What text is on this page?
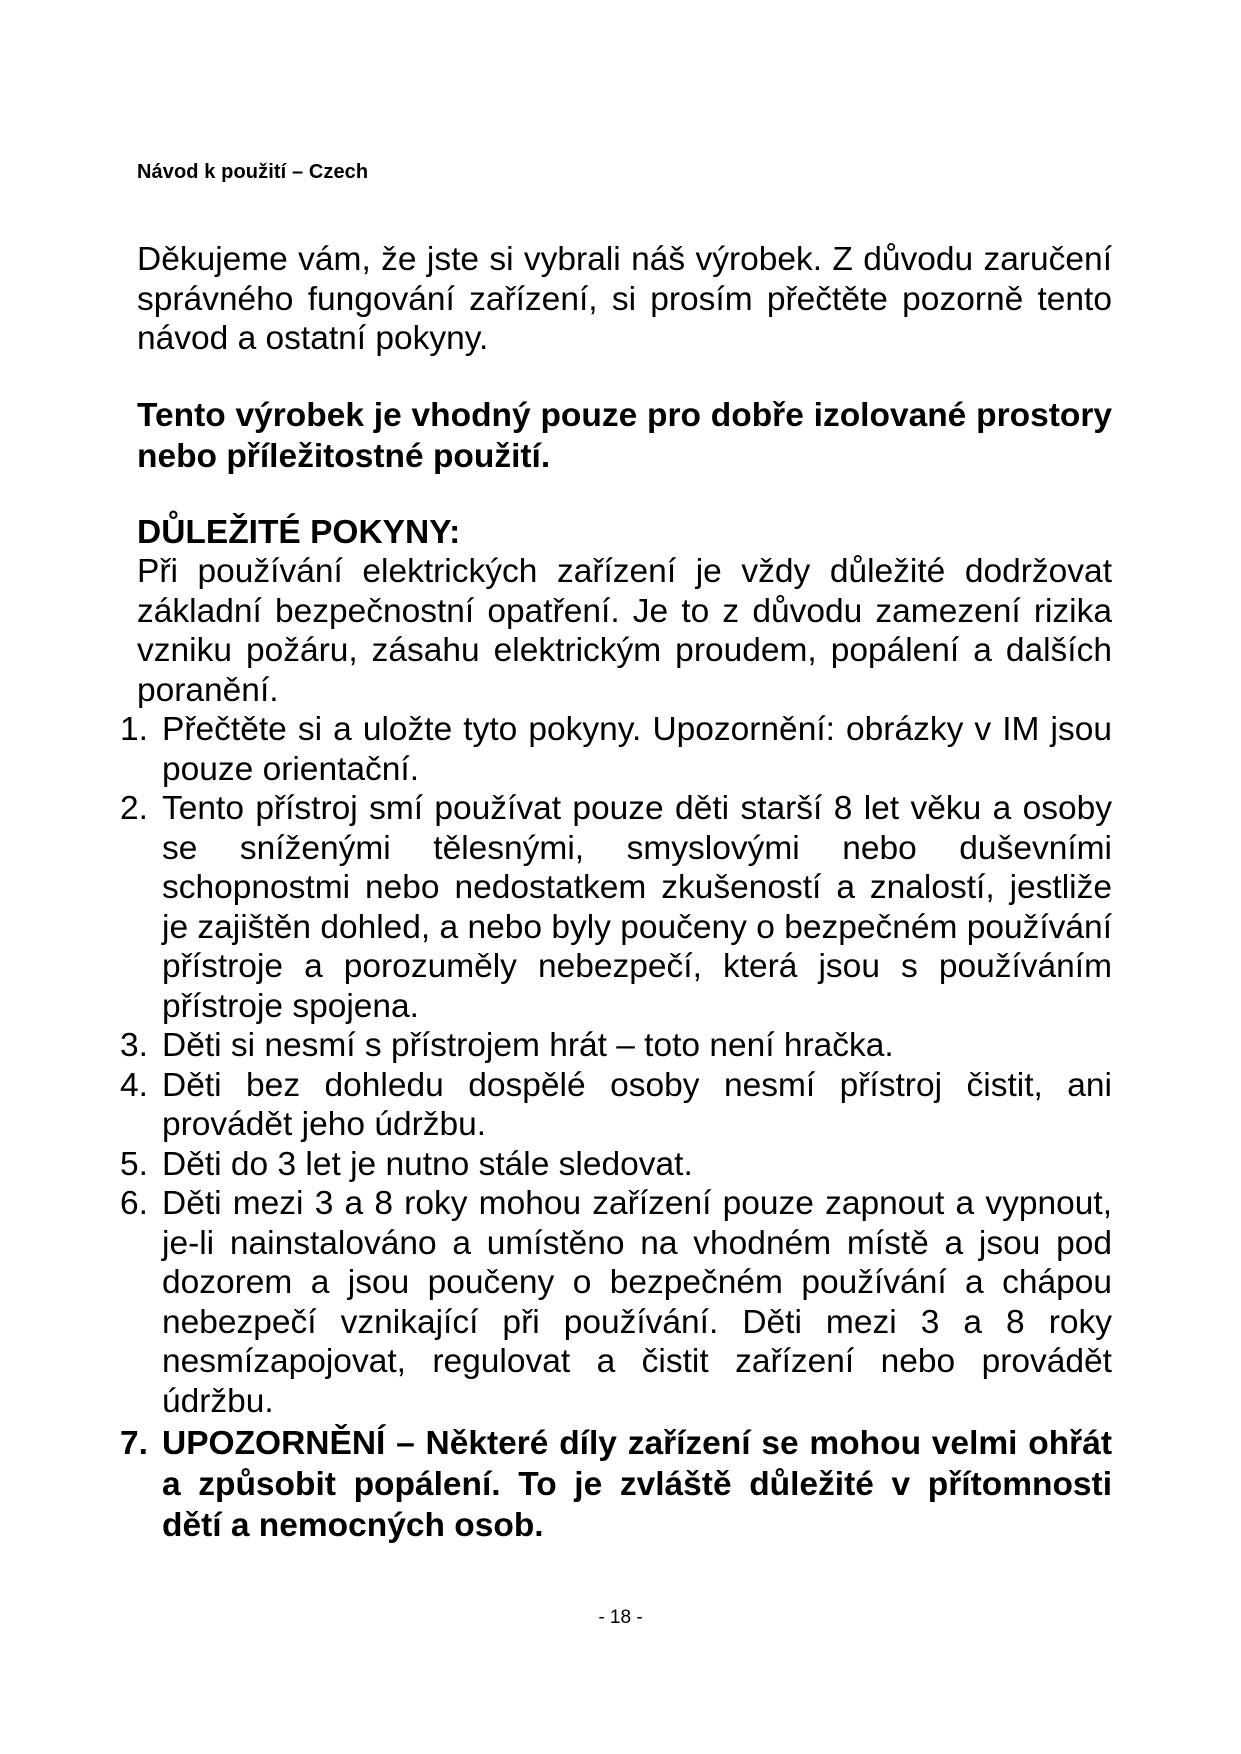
Návod k použití – Czech

Děkujeme vám, že jste si vybrali náš výrobek. Z důvodu zaručení správného fungování zařízení, si prosím přečtěte pozorně tento návod a ostatní pokyny.

Tento výrobek je vhodný pouze pro dobře izolované prostory nebo příležitostné použití.

DŮLEŽITÉ POKYNY:

Při používání elektrických zařízení je vždy důležité dodržovat základní bezpečnostní opatření. Je to z důvodu zamezení rizika vzniku požáru, zásahu elektrickým proudem, popálení a dalších poranění.

1. Přečtěte si a uložte tyto pokyny. Upozornění: obrázky v IM jsou pouze orientační.
2. Tento přístroj smí používat pouze děti starší 8 let věku a osoby se sníženými tělesnými, smyslovými nebo duševními schopnostmi nebo nedostatkem zkušeností a znalostí, jestliže je zajištěn dohled, a nebo byly poučeny o bezpečném používání přístroje a porozuměly nebezpečí, která jsou s používáním přístroje spojena.
3. Děti si nesmí s přístrojem hrát – toto není hračka.
4. Děti bez dohledu dospělé osoby nesmí přístroj čistit, ani provádět jeho údržbu.
5. Děti do 3 let je nutno stále sledovat.
6. Děti mezi 3 a 8 roky mohou zařízení pouze zapnout a vypnout, je-li nainstalováno a umístěno na vhodném místě a jsou pod dozorem a jsou poučeny o bezpečném používání a chápou nebezpečí vznikající při používání. Děti mezi 3 a 8 roky nesmízapojovat, regulovat a čistit zařízení nebo provádět údržbu.
7. UPOZORNĚNÍ – Některé díly zařízení se mohou velmi ohřát a způsobit popálení. To je zvláště důležité v přítomnosti dětí a nemocných osob.
- 18 -
